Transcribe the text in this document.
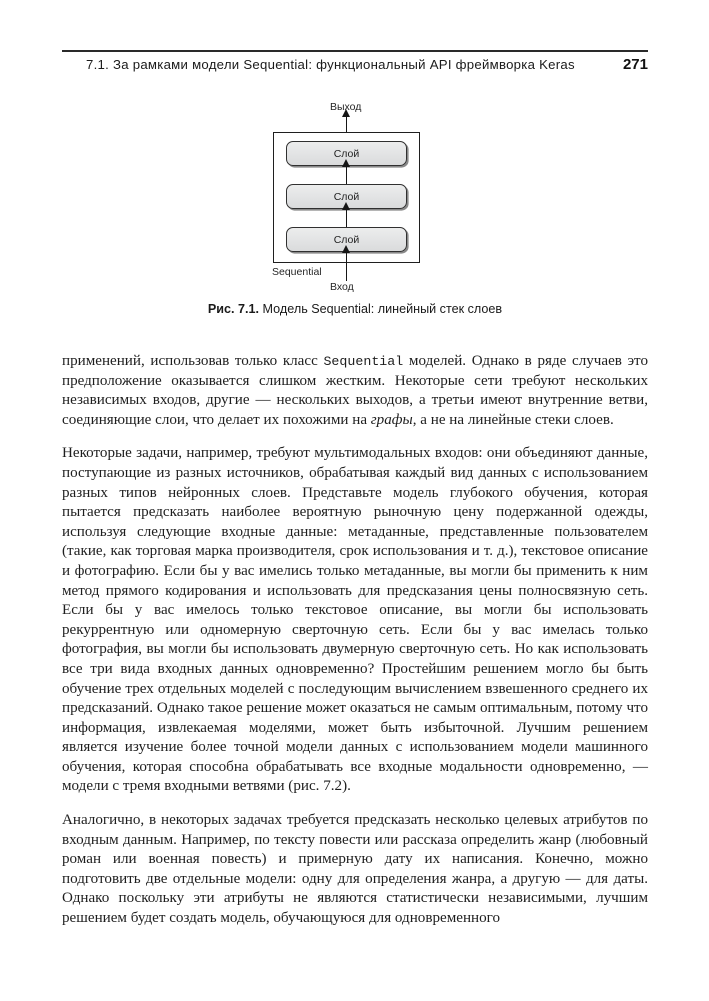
7.1. За рамками модели Sequential: функциональный API фреймворка Keras	271
Выход
Слой
Слой
Слой
Sequential
Вход
Рис. 7.1. Модель Sequential: линейный стек слоев

применений, использовав только класс Sequential моделей. Однако в ряде случаев это предположение оказывается слишком жестким. Некоторые сети требуют нескольких независимых входов, другие — нескольких выходов, а третьи имеют внутренние ветви, соединяющие слои, что делает их похожими на графы, а не на линейные стеки слоев.

Некоторые задачи, например, требуют мультимодальных входов: они объединяют данные, поступающие из разных источников, обрабатывая каждый вид данных с использованием разных типов нейронных слоев. Представьте модель глубокого обучения, которая пытается предсказать наиболее вероятную рыночную цену подержанной одежды, используя следующие входные данные: метаданные, представленные пользователем (такие, как торговая марка производителя, срок использования и т. д.), текстовое описание и фотографию. Если бы у вас имелись только метаданные, вы могли бы применить к ним метод прямого кодирования и использовать для предсказания цены полносвязную сеть. Если бы у вас имелось только текстовое описание, вы могли бы использовать рекуррентную или одномерную сверточную сеть. Если бы у вас имелась только фотография, вы могли бы использовать двумерную сверточную сеть. Но как использовать все три вида входных данных одновременно? Простейшим решением могло бы быть обучение трех отдельных моделей с последующим вычислением взвешенного среднего их предсказаний. Однако такое решение может оказаться не самым оптимальным, потому что информация, извлекаемая моделями, может быть избыточной. Лучшим решением является изучение более точной модели данных с использованием модели машинного обучения, которая способна обрабатывать все входные модальности одновременно, — модели с тремя входными ветвями (рис. 7.2).

Аналогично, в некоторых задачах требуется предсказать несколько целевых атрибутов по входным данным. Например, по тексту повести или рассказа определить жанр (любовный роман или военная повесть) и примерную дату их написания. Конечно, можно подготовить две отдельные модели: одну для определения жанра, а другую — для даты. Однако поскольку эти атрибуты не являются статистически независимыми, лучшим решением будет создать модель, обучающуюся для одновременного
